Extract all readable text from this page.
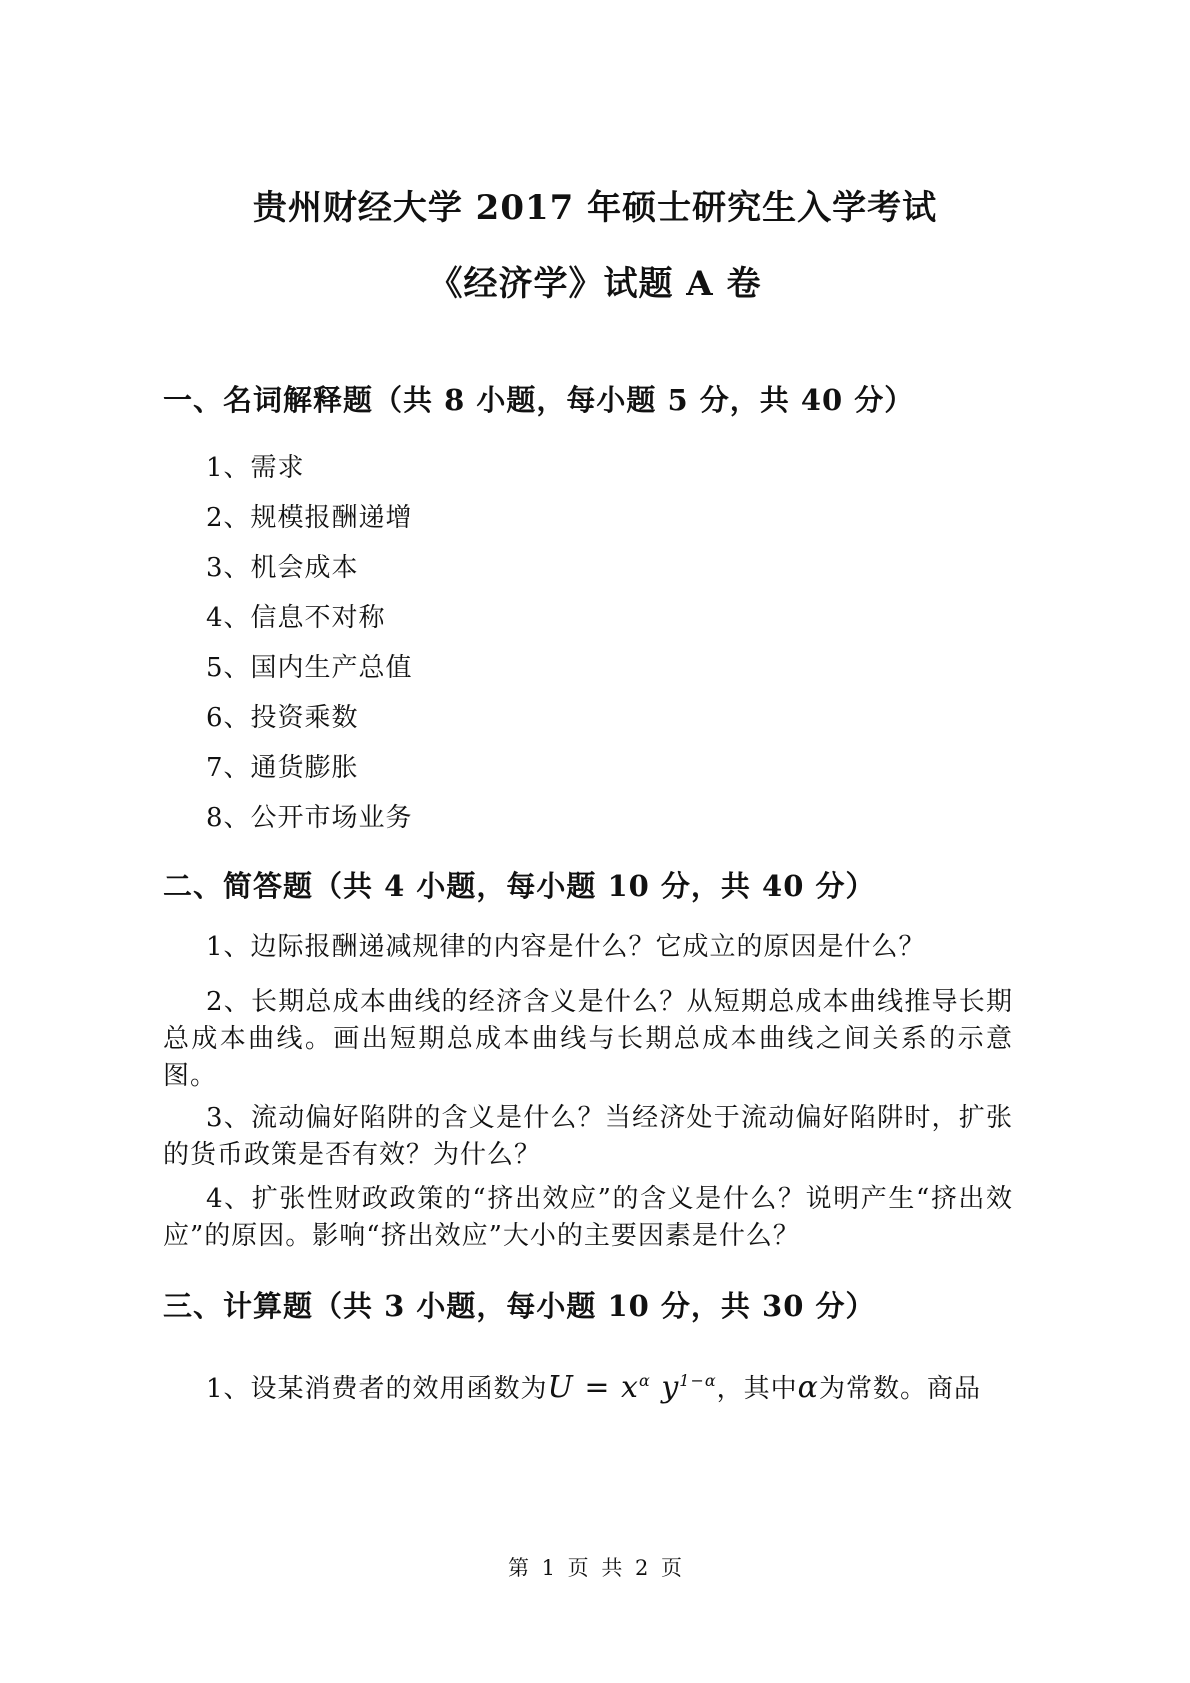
贵州财经大学 2017 年硕士研究生入学考试
《经济学》试题 A 卷
一、名词解释题（共 8 小题，每小题 5 分，共 40 分）
1、需求
2、规模报酬递增
3、机会成本
4、信息不对称
5、国内生产总值
6、投资乘数
7、通货膨胀
8、公开市场业务
二、简答题（共 4 小题，每小题 10 分，共 40 分）
1、边际报酬递减规律的内容是什么？它成立的原因是什么？
2、长期总成本曲线的经济含义是什么？从短期总成本曲线推导长期总成本曲线。画出短期总成本曲线与长期总成本曲线之间关系的示意图。
3、流动偏好陷阱的含义是什么？当经济处于流动偏好陷阱时，扩张的货币政策是否有效？为什么？
4、扩张性财政政策的“挤出效应”的含义是什么？说明产生“挤出效应”的原因。影响“挤出效应”大小的主要因素是什么？
三、计算题（共 3 小题，每小题 10 分，共 30 分）
1、设某消费者的效用函数为$U = x^\alpha$ $y^{1-\alpha}$，其中α为常数。商品
第 1 页 共 2 页
